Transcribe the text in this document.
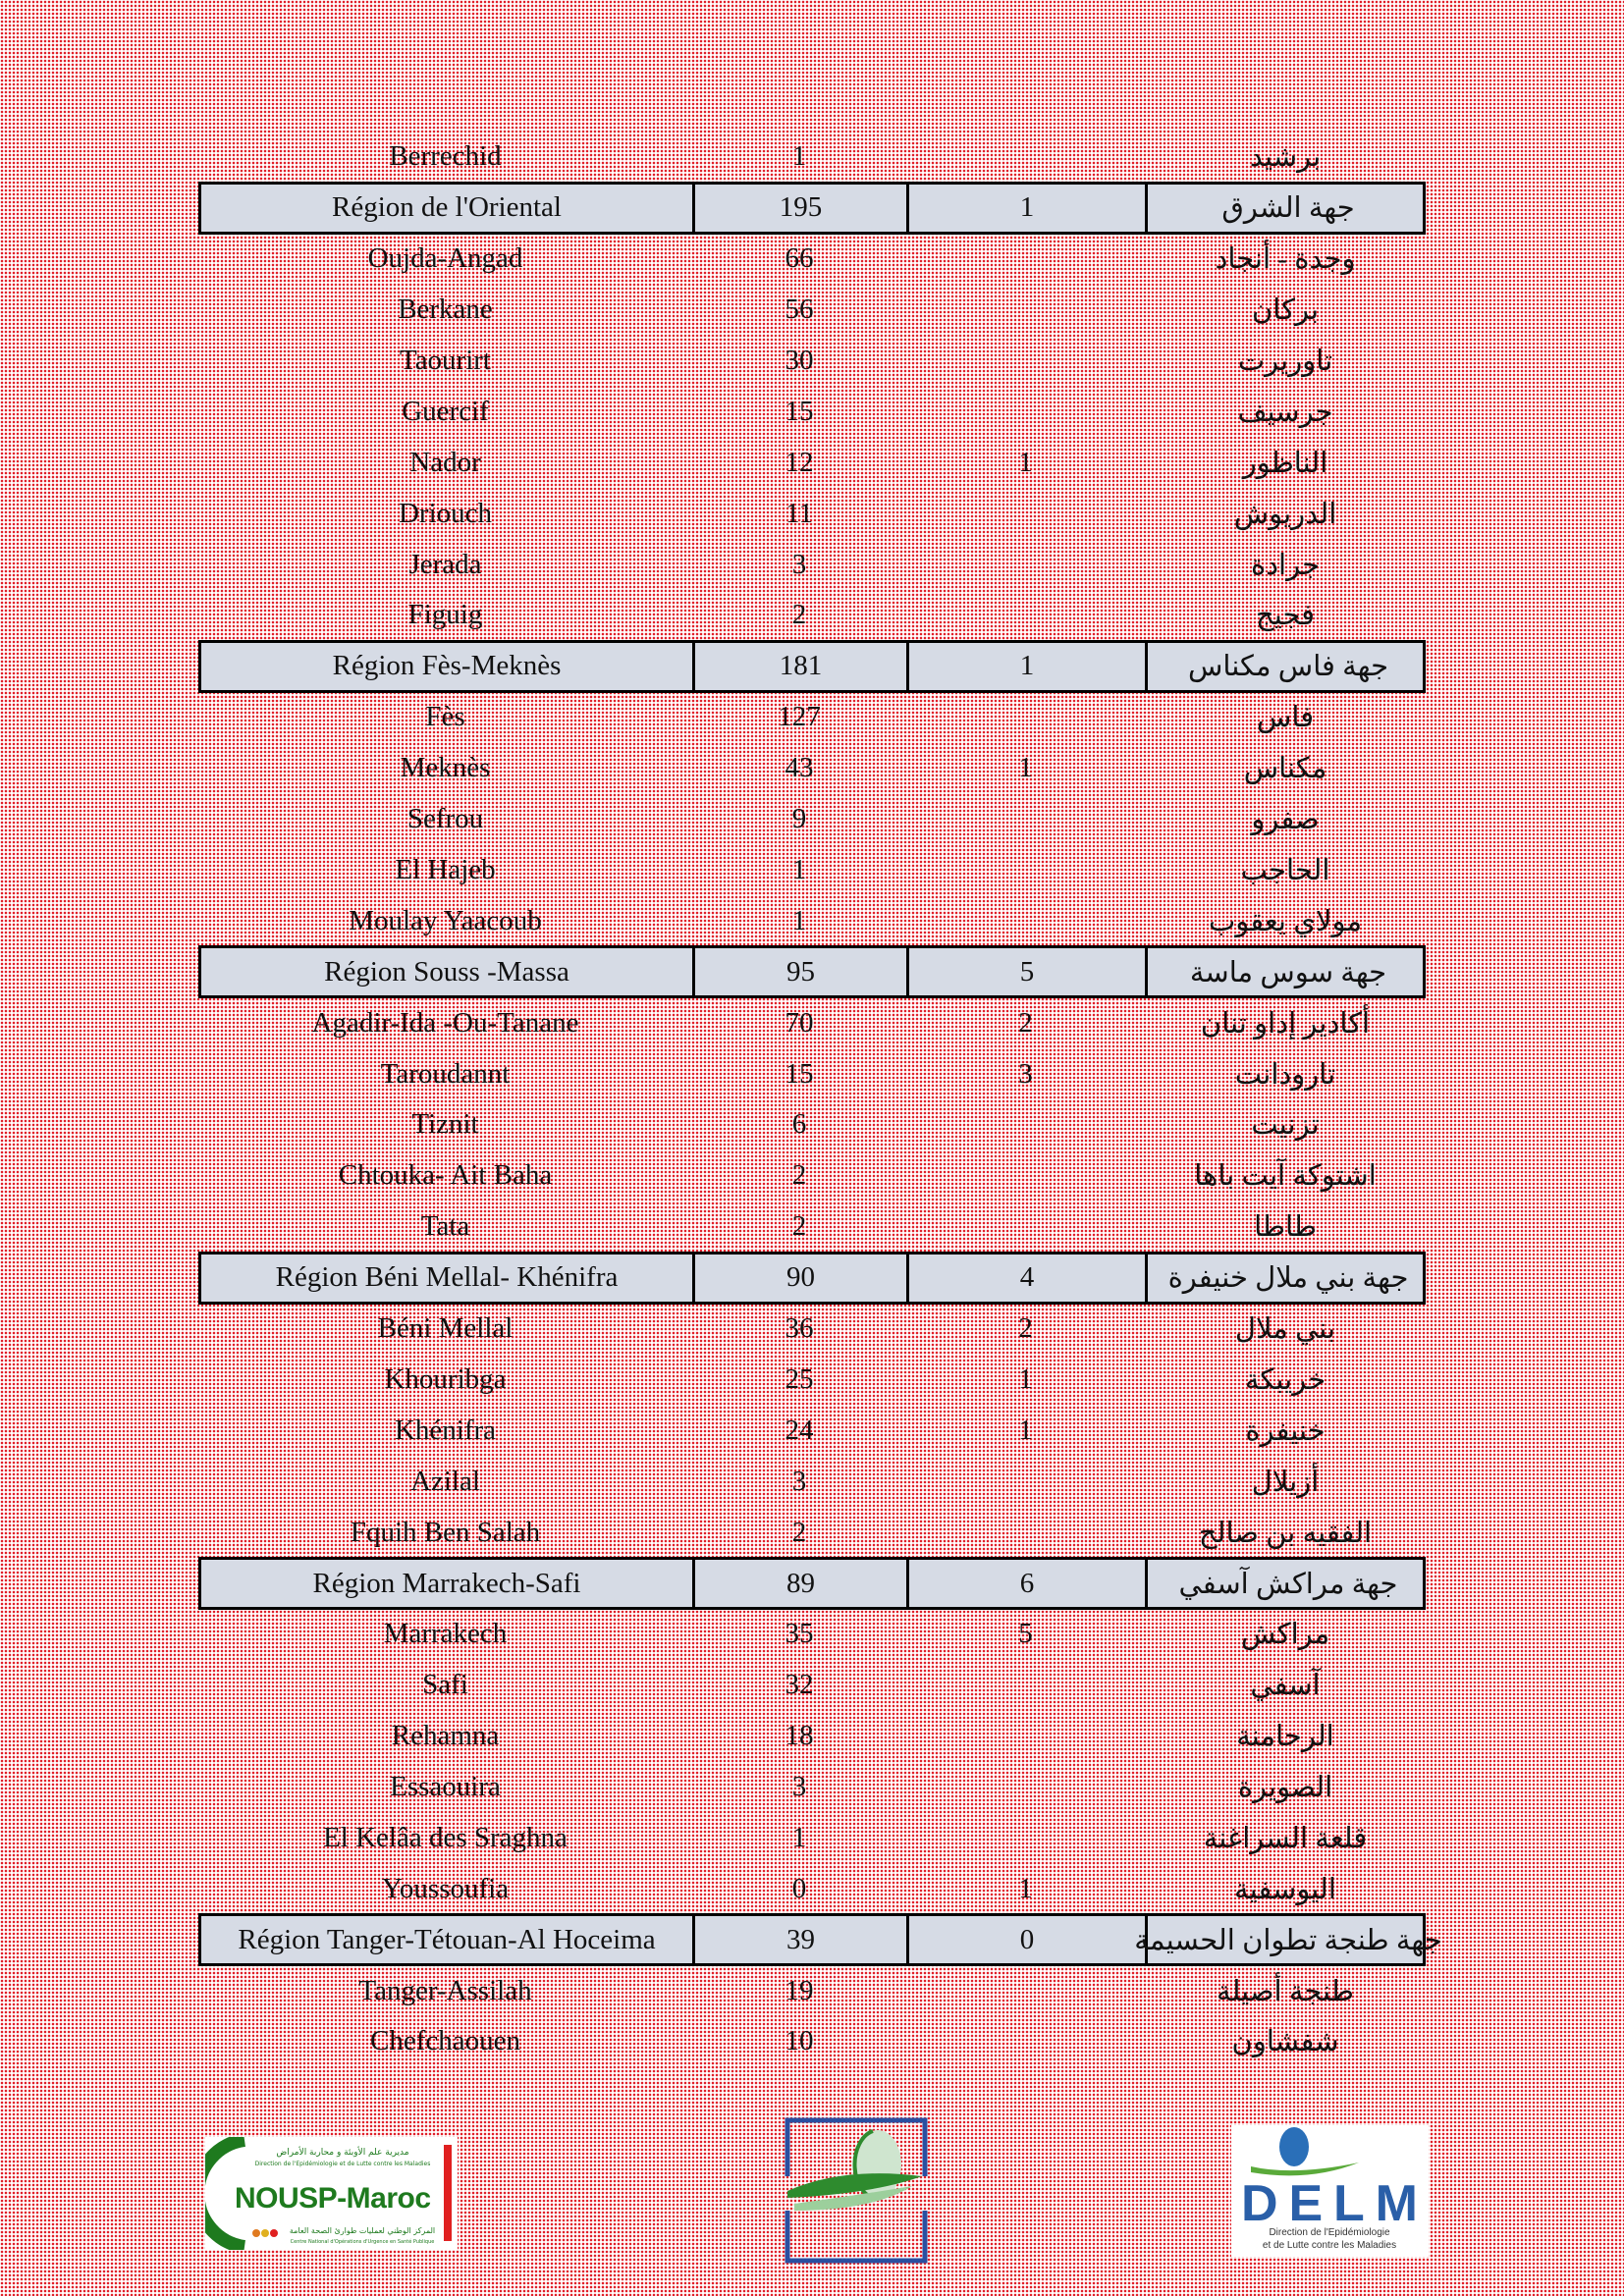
Berrechid	1	برشيد
Région de l'Oriental	195	1	جهة الشرق
Oujda-Angad	66	وجدة - أنجاد
Berkane	56	بركان
Taourirt	30	تاوريرت
Guercif	15	جرسيف
Nador	12	1	الناظور
Driouch	11	الدريوش
Jerada	3	جرادة
Figuig	2	فجيج
Région Fès-Meknès	181	1	جهة فاس مكناس
Fès	127	فاس
Meknès	43	1	مكناس
Sefrou	9	صفرو
El Hajeb	1	الحاجب
Moulay Yaacoub	1	مولاي يعقوب
Région Souss -Massa	95	5	جهة سوس ماسة
Agadir-Ida -Ou-Tanane	70	2	أكادير إداو تنان
Taroudannt	15	3	تارودانت
Tiznit	6	تزنيت
Chtouka- Ait Baha	2	اشتوكة آيت باها
Tata	2	طاطا
Région Béni Mellal- Khénifra	90	4	جهة بني ملال خنيفرة
Béni Mellal	36	2	بني ملال
Khouribga	25	1	خريبكة
Khénifra	24	1	خنيفرة
Azilal	3	أزيلال
Fquih Ben Salah	2	الفقيه بن صالح
Région Marrakech-Safi	89	6	جهة مراكش آسفي
Marrakech	35	5	مراكش
Safi	32	آسفي
Rehamna	18	الرحامنة
Essaouira	3	الصويرة
El Kelâa des Sraghna	1	قلعة السراغنة
Youssoufia	0	1	اليوسفية
Région Tanger-Tétouan-Al Hoceima	39	0	جهة طنجة تطوان الحسيمة
Tanger-Assilah	19	طنجة أصيلة
Chefchaouen	10	شفشاون
مديرية علم الأوبئة و محاربة الأمراض
Direction de l'Epidémiologie et de Lutte contre les Maladies
NOUSP-Maroc
المركز الوطني لعمليات طوارئ الصحة العامة
Centre National d'Opérations d'Urgence en Santé Publique
DELM
Direction de l'Epidémiologie
et de Lutte contre les Maladies
